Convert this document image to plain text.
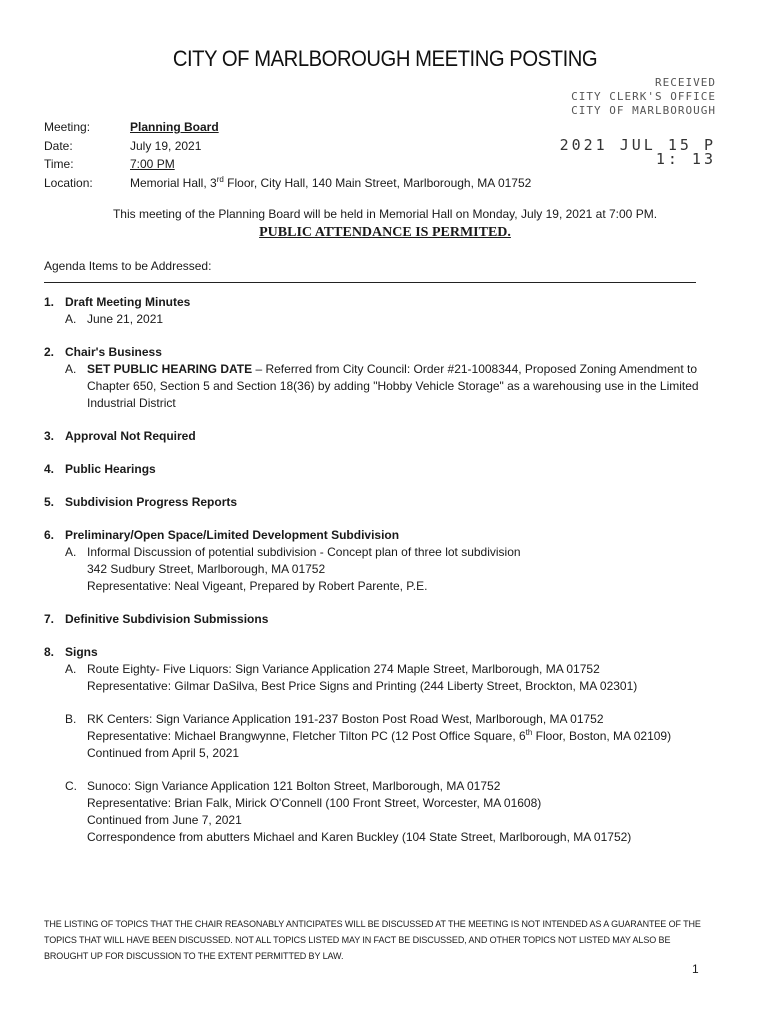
CITY OF MARLBOROUGH MEETING POSTING
RECEIVED
CITY CLERK'S OFFICE
CITY OF MARLBOROUGH
2021 JUL 15 P 1: 13
Meeting:	Planning Board
Date:	July 19, 2021
Time:	7:00 PM
Location:	Memorial Hall, 3rd Floor, City Hall, 140 Main Street, Marlborough, MA 01752
This meeting of the Planning Board will be held in Memorial Hall on Monday, July 19, 2021 at 7:00 PM.
PUBLIC ATTENDANCE IS PERMITED.
Agenda Items to be Addressed:
1. Draft Meeting Minutes
A. June 21, 2021
2. Chair's Business
A. SET PUBLIC HEARING DATE – Referred from City Council: Order #21-1008344, Proposed Zoning Amendment to Chapter 650, Section 5 and Section 18(36) by adding "Hobby Vehicle Storage" as a warehousing use in the Limited Industrial District
3. Approval Not Required
4. Public Hearings
5. Subdivision Progress Reports
6. Preliminary/Open Space/Limited Development Subdivision
A. Informal Discussion of potential subdivision - Concept plan of three lot subdivision
342 Sudbury Street, Marlborough, MA 01752
Representative: Neal Vigeant, Prepared by Robert Parente, P.E.
7. Definitive Subdivision Submissions
8. Signs
A. Route Eighty- Five Liquors: Sign Variance Application 274 Maple Street, Marlborough, MA 01752
Representative: Gilmar DaSilva, Best Price Signs and Printing (244 Liberty Street, Brockton, MA 02301)
B. RK Centers: Sign Variance Application 191-237 Boston Post Road West, Marlborough, MA 01752
Representative: Michael Brangwynne, Fletcher Tilton PC (12 Post Office Square, 6th Floor, Boston, MA 02109)
Continued from April 5, 2021
C. Sunoco: Sign Variance Application 121 Bolton Street, Marlborough, MA 01752
Representative: Brian Falk, Mirick O'Connell (100 Front Street, Worcester, MA 01608)
Continued from June 7, 2021
Correspondence from abutters Michael and Karen Buckley (104 State Street, Marlborough, MA 01752)
THE LISTING OF TOPICS THAT THE CHAIR REASONABLY ANTICIPATES WILL BE DISCUSSED AT THE MEETING IS NOT INTENDED AS A GUARANTEE OF THE TOPICS THAT WILL HAVE BEEN DISCUSSED. NOT ALL TOPICS LISTED MAY IN FACT BE DISCUSSED, AND OTHER TOPICS NOT LISTED MAY ALSO BE BROUGHT UP FOR DISCUSSION TO THE EXTENT PERMITTED BY LAW.
1
